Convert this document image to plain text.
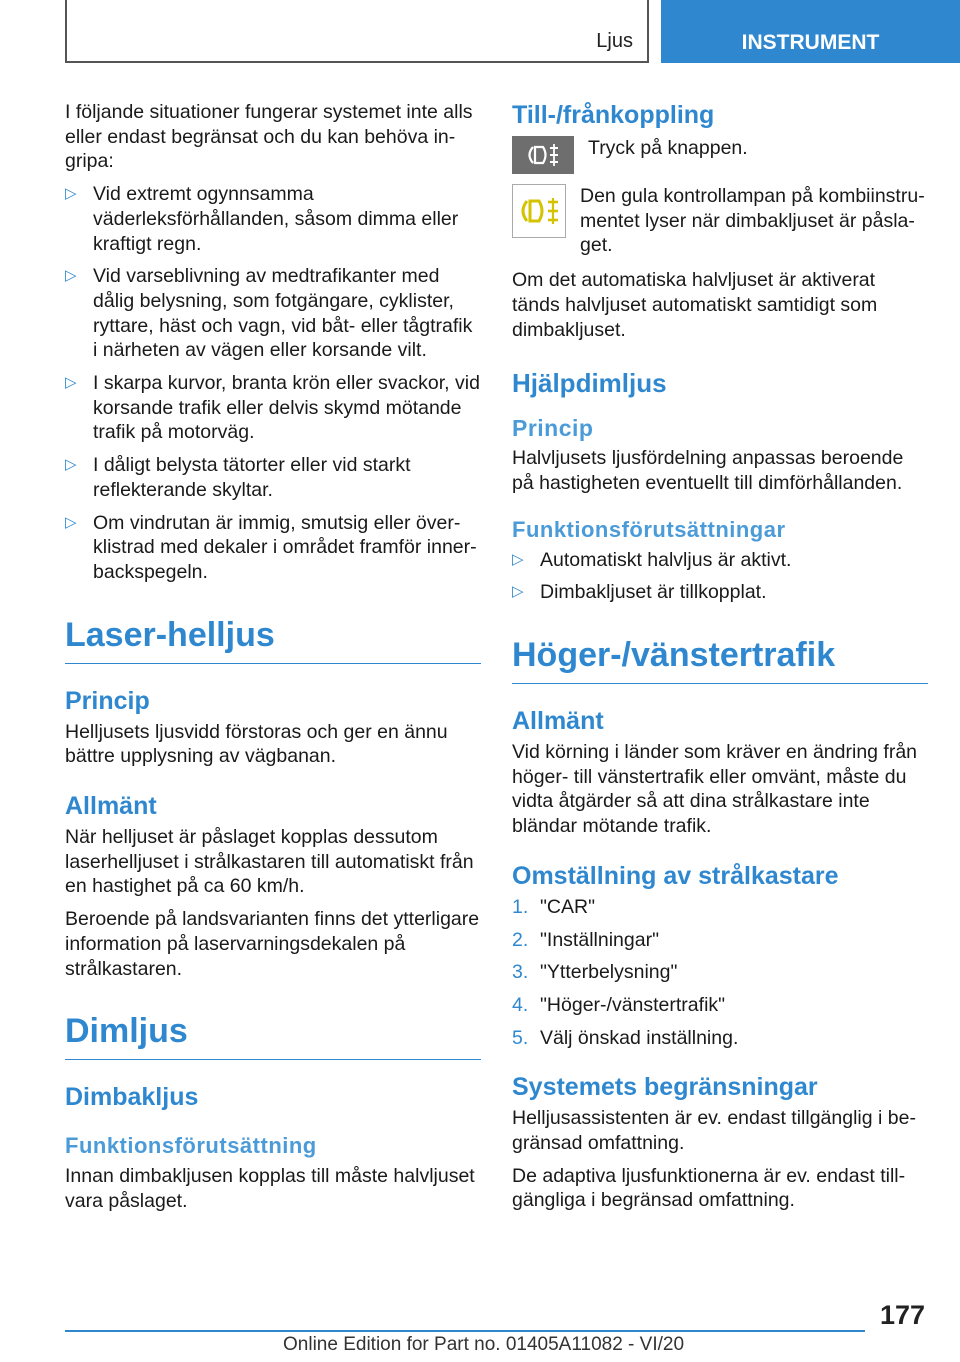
Ljus	INSTRUMENT

I följande situationer fungerar systemet inte alls eller endast begränsat och du kan behöva ingripa:

▷ Vid extremt ogynnsamma väderleksförhållanden, såsom dimma eller kraftigt regn.
▷ Vid varseblivning av medtrafikanter med dålig belysning, som fotgängare, cyklister, ryttare, häst och vagn, vid båt- eller tågtrafik i närheten av vägen eller korsande vilt.
▷ I skarpa kurvor, branta krön eller svackor, vid korsande trafik eller delvis skymd mötande trafik på motorväg.
▷ I dåligt belysta tätorter eller vid starkt reflekterande skyltar.
▷ Om vindrutan är immig, smutsig eller överklistrad med dekaler i området framför innerbackspegeln.
Laser-helljus
Princip

Helljusets ljusvidd förstoras och ger en ännu bättre upplysning av vägbanan.

Allmänt

När helljuset är påslaget kopplas dessutom laserhelljuset i strålkastaren till automatiskt från en hastighet på ca 60 km/h.

Beroende på landsvarianten finns det ytterligare information på laservarningsdekalen på strålkastaren.

Dimljus
Dimbakljus
Funktionsförutsättning

Innan dimbakljusen kopplas till måste halvljuset vara påslaget.

Till-/frånkoppling

Tryck på knappen.

Den gula kontrollampan på kombiinstrumentet lyser när dimbakljuset är påslaget.

Om det automatiska halvljuset är aktiverat tänds halvljuset automatiskt samtidigt som dimbakljuset.

Hjälpdimljus
Princip

Halvljusets ljusfördelning anpassas beroende på hastigheten eventuellt till dimförhållanden.

Funktionsförutsättningar
▷ Automatiskt halvljus är aktivt.
▷ Dimbakljuset är tillkopplat.
Höger-/vänstertrafik
Allmänt

Vid körning i länder som kräver en ändring från höger- till vänstertrafik eller omvänt, måste du vidta åtgärder så att dina strålkastare inte bländar mötande trafik.

Omställning av strålkastare
1. "CAR"
2. "Inställningar"
3. "Ytterbelysning"
4. "Höger-/vänstertrafik"
5. Välj önskad inställning.
Systemets begränsningar

Helljusassistenten är ev. endast tillgänglig i begränsad omfattning.

De adaptiva ljusfunktionerna är ev. endast tillgängliga i begränsad omfattning.

177
Online Edition for Part no. 01405A11082 - VI/20
